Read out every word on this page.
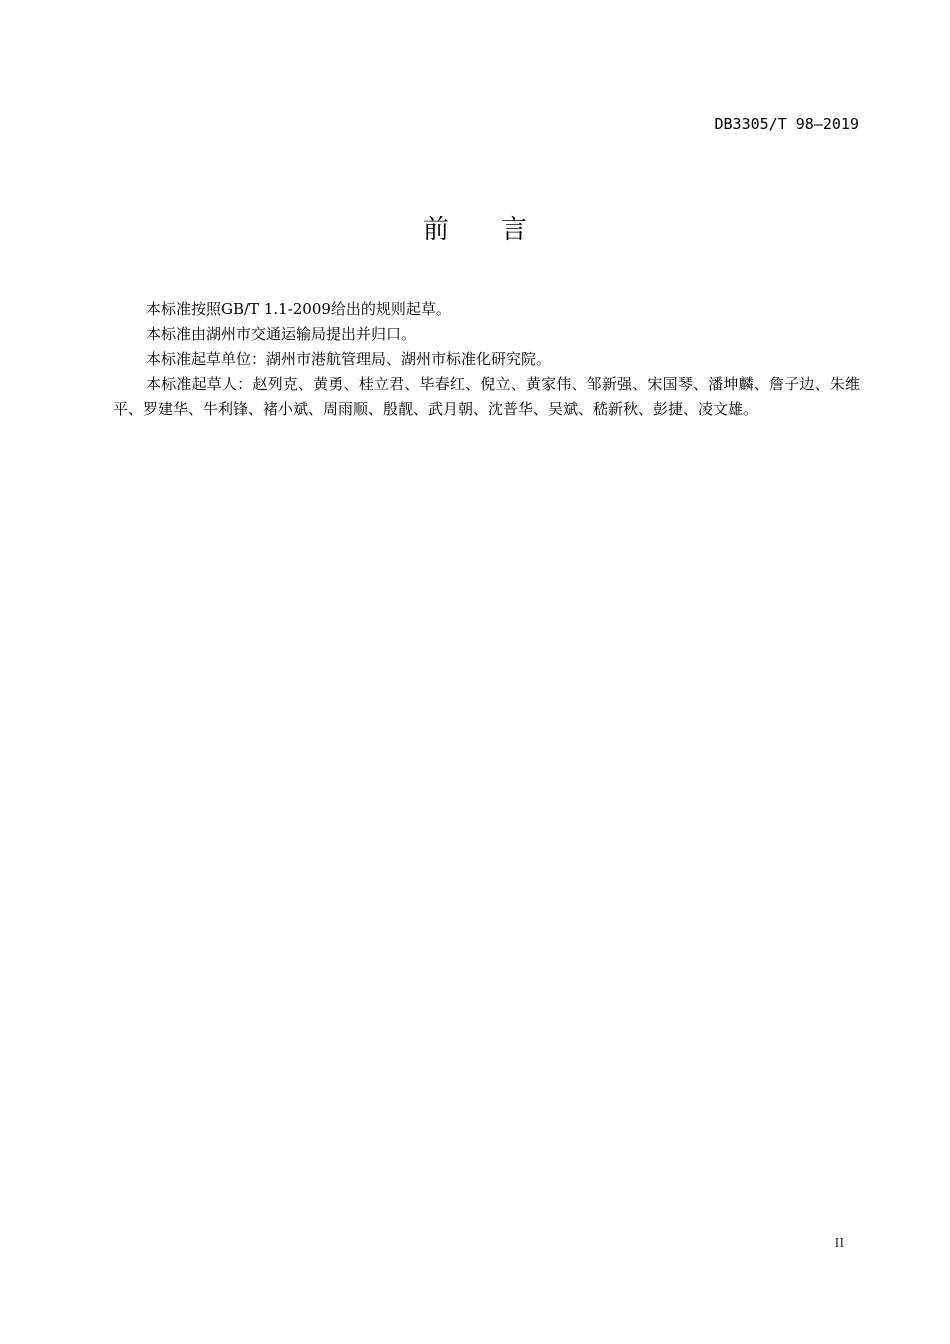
DB3305/T 98—2019
前　　言

本标准按照GB/T 1.1-2009给出的规则起草。

本标准由湖州市交通运输局提出并归口。

本标准起草单位：湖州市港航管理局、湖州市标准化研究院。

本标准起草人：赵列克、黄勇、桂立君、毕春红、倪立、黄家伟、邹新强、宋国琴、潘坤麟、詹子边、朱维平、罗建华、牛利锋、褚小斌、周雨顺、殷靓、武月朝、沈普华、吴斌、嵇新秋、彭捷、凌文雄。

II
